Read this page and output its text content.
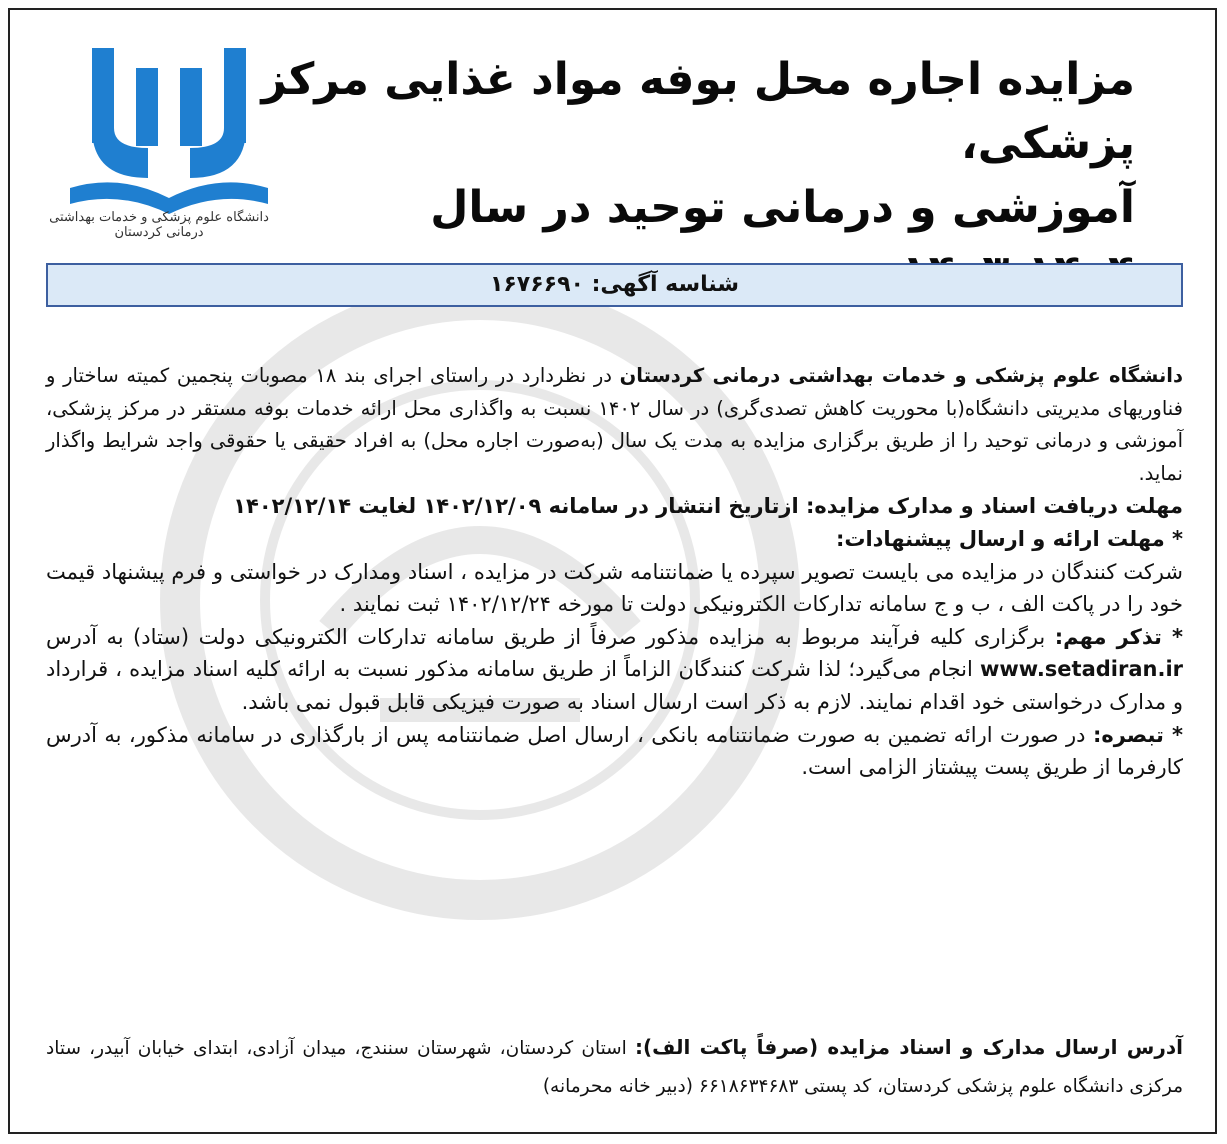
دانشگاه علوم پزشکی و خدمات بهداشتی درمانی کردستان
مزایده اجاره محل بوفه مواد غذایی مرکز پزشکی،
آموزشی و درمانی توحید در سال
شناسه آگهی: ۱۶۷۶۶۹۰

دانشگاه علوم پزشکی و خدمات بهداشتی درمانی کردستان در نظردارد در راستای اجرای بند ۱۸ مصوبات پنجمین کمیته ساختار و فناوریهای مدیریتی دانشگاه(با محوریت کاهش تصدی‌گری) در سال ۱۴۰۲ نسبت به واگذاری محل ارائه خدمات بوفه مستقر در مرکز پزشکی، آموزشی و درمانی توحید را از طریق برگزاری مزایده به مدت یک سال (به‌صورت اجاره محل) به افراد حقیقی یا حقوقی واجد شرایط واگذار نماید.

مهلت دریافت اسناد و مدارک مزایده: ازتاریخ انتشار در سامانه ۱۴۰۲/۱۲/۰۹ لغایت ۱۴۰۲/۱۲/۱۴

* مهلت ارائه و ارسال پیشنهادات:

شرکت کنندگان در مزایده می بایست تصویر سپرده یا ضمانتنامه شرکت در مزایده ، اسناد ومدارک در خواستی و فرم پیشنهاد قیمت خود را در پاکت الف ، ب و ج سامانه تدارکات الکترونیکی دولت تا مورخه ۱۴۰۲/۱۲/۲۴ ثبت نمایند .

* تذکر مهم: برگزاری کلیه فرآیند مربوط به مزایده مذکور صرفاً از طریق سامانه تدارکات الکترونیکی دولت (ستاد) به آدرس www.setadiran.ir انجام می‌گیرد؛ لذا شرکت کنندگان الزاماً از طریق سامانه مذکور نسبت به ارائه کلیه اسناد مزایده ، قرارداد و مدارک درخواستی خود اقدام نمایند. لازم به ذکر است ارسال اسناد به صورت فیزیکی قابل قبول نمی باشد.

* تبصره: در صورت ارائه تضمین به صورت ضمانتنامه بانکی ، ارسال اصل ضمانتنامه پس از بارگذاری در سامانه مذکور، به آدرس کارفرما از طریق پست پیشتاز الزامی است.

آدرس ارسال مدارک و اسناد مزایده (صرفاً پاکت الف): استان کردستان، شهرستان سنندج، میدان آزادی، ابتدای خیابان آبیدر، ستاد مرکزی دانشگاه علوم پزشکی کردستان، کد پستی ۶۶۱۸۶۳۴۶۸۳ (دبیر خانه محرمانه)
